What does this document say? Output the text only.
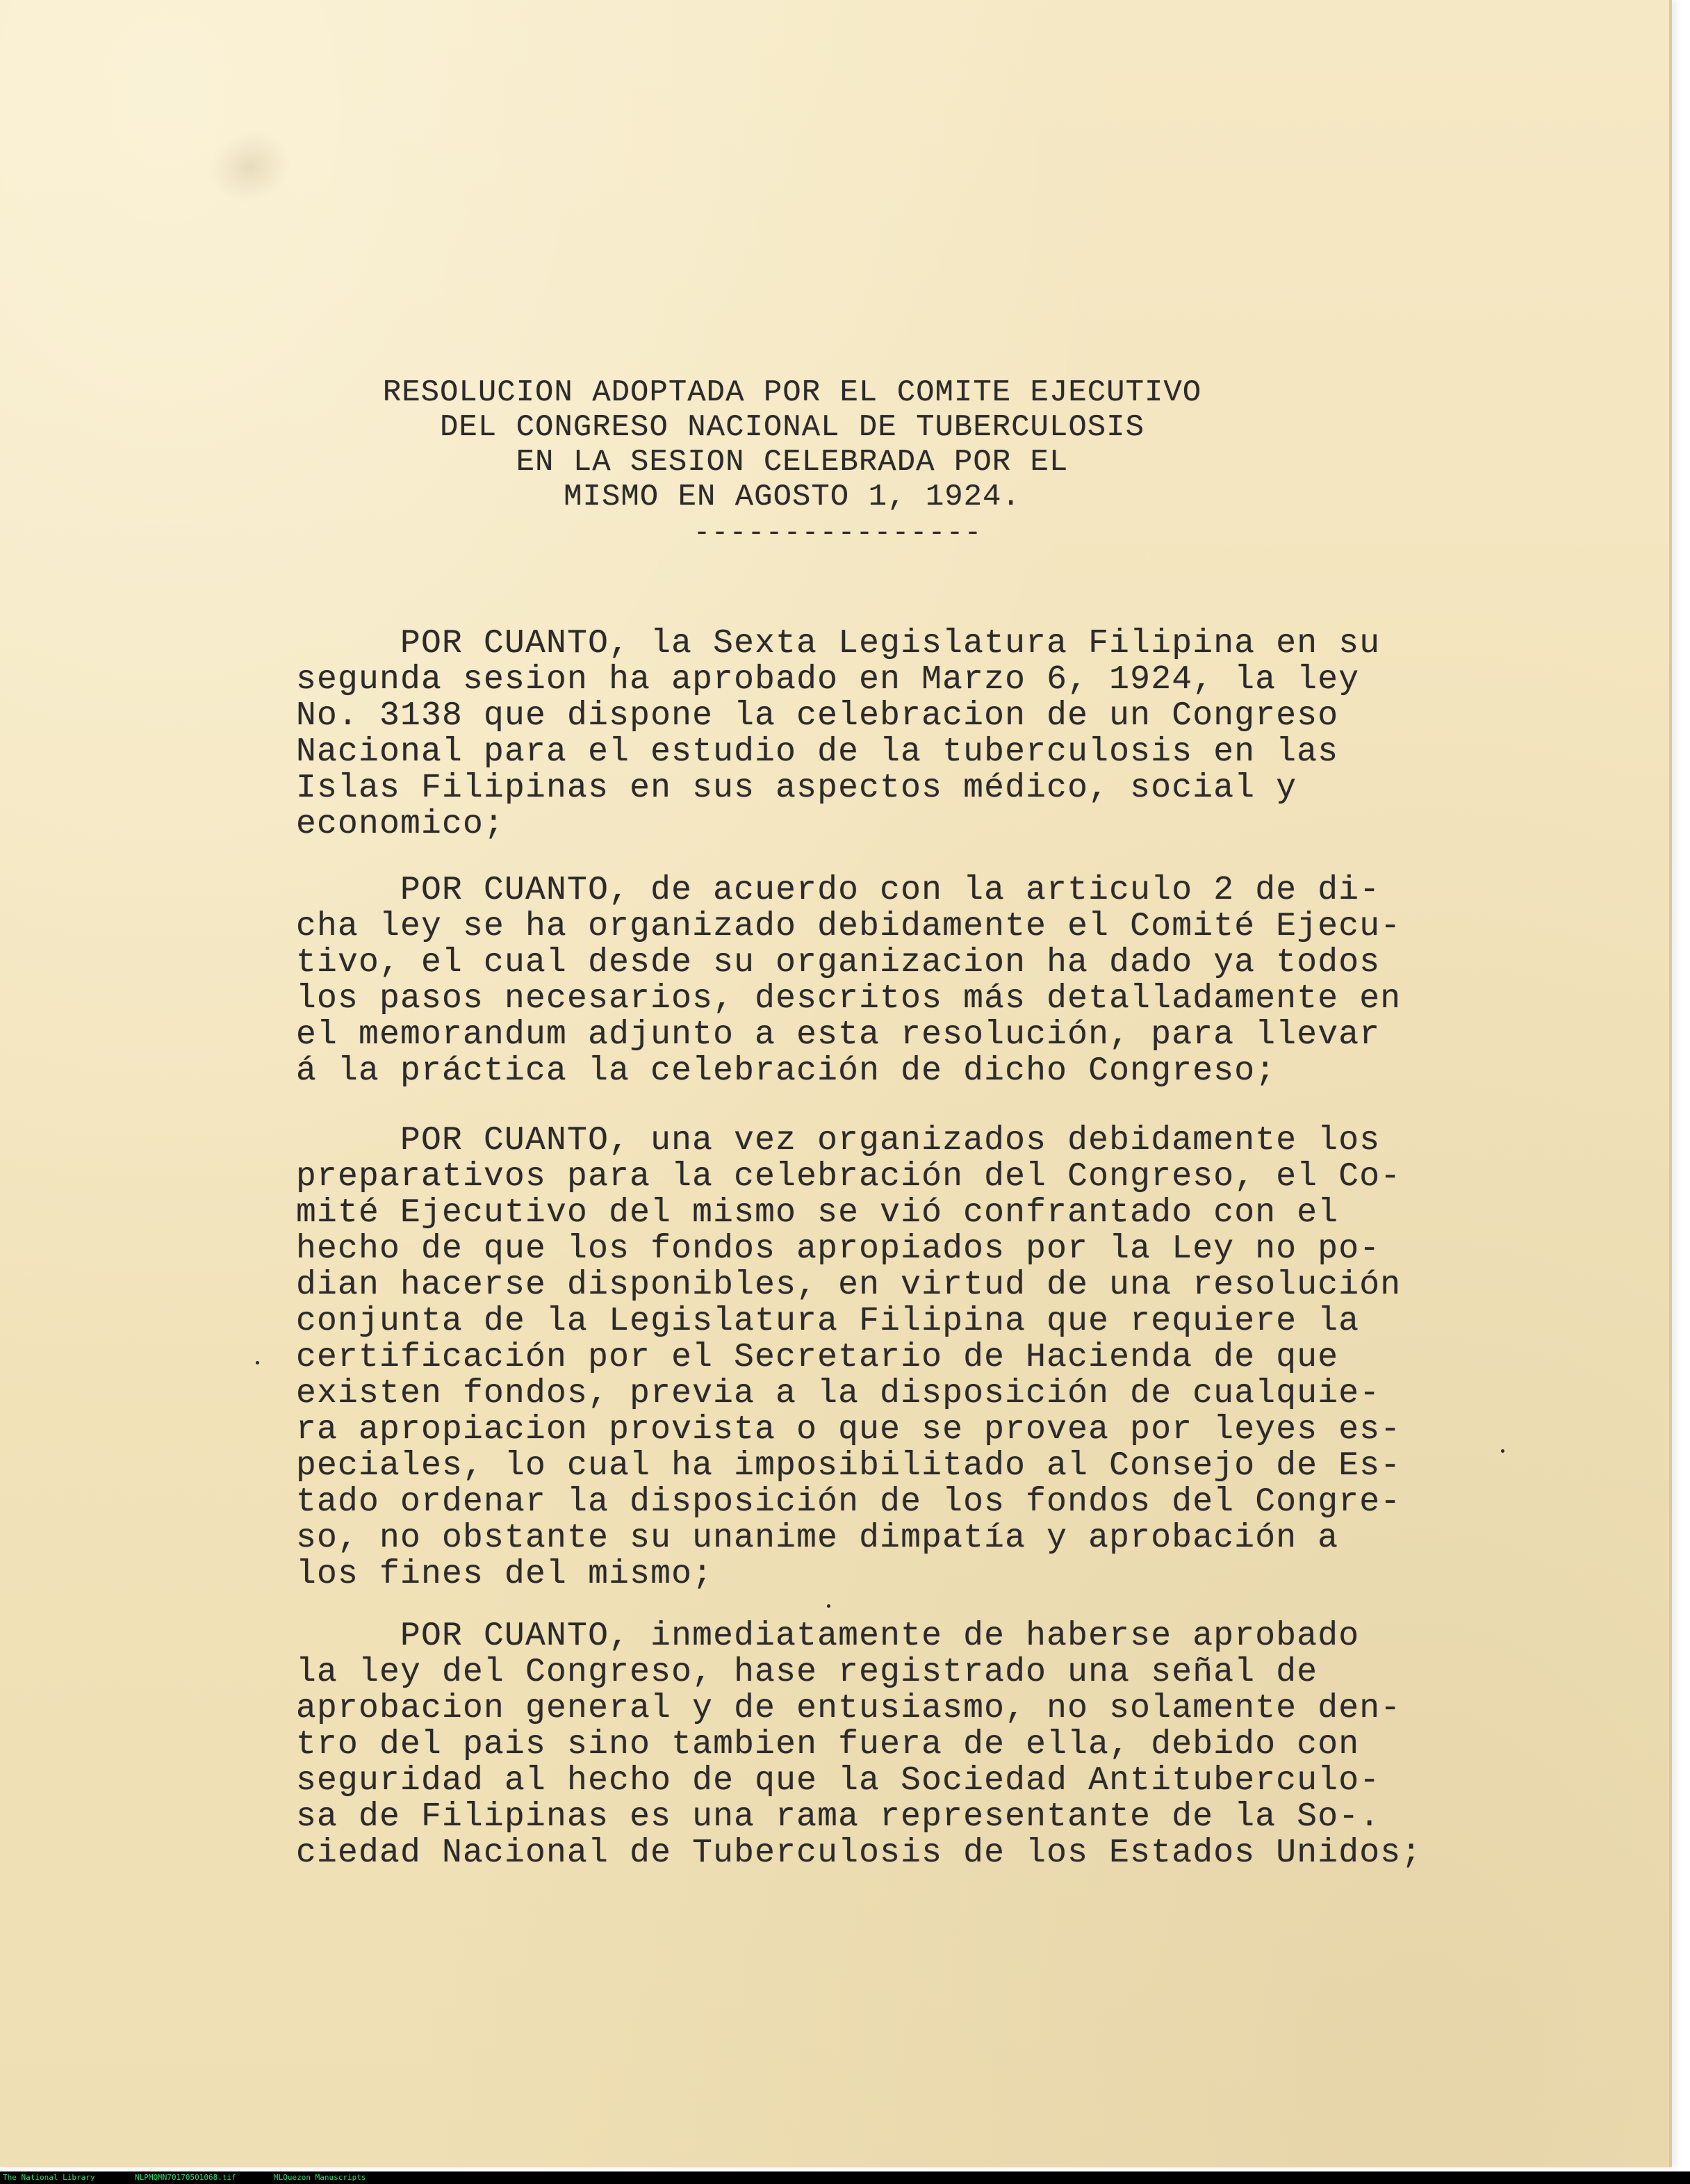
RESOLUCION ADOPTADA POR EL COMITE EJECUTIVO
DEL CONGRESO NACIONAL DE TUBERCULOSIS
EN LA SESION CELEBRADA POR EL
MISMO EN AGOSTO 1, 1924.
----------------
POR CUANTO, la Sexta Legislatura Filipina en su
segunda sesion ha aprobado en Marzo 6, 1924, la ley
No. 3138 que dispone la celebracion de un Congreso
Nacional para el estudio de la tuberculosis en las
Islas Filipinas en sus aspectos médico, social y
economico;
POR CUANTO, de acuerdo con la articulo 2 de di-
cha ley se ha organizado debidamente el Comité Ejecu-
tivo, el cual desde su organizacion ha dado ya todos
los pasos necesarios, descritos más detalladamente en
el memorandum adjunto a esta resolución, para llevar
á la práctica la celebración de dicho Congreso;
POR CUANTO, una vez organizados debidamente los
preparativos para la celebración del Congreso, el Co-
mité Ejecutivo del mismo se vió confrantado con el
hecho de que los fondos apropiados por la Ley no po-
dian hacerse disponibles, en virtud de una resolución
conjunta de la Legislatura Filipina que requiere la
certificación por el Secretario de Hacienda de que
existen fondos, previa a la disposición de cualquie-
ra apropiacion provista o que se provea por leyes es-
peciales, lo cual ha imposibilitado al Consejo de Es-
tado ordenar la disposición de los fondos del Congre-
so, no obstante su unanime dimpatía y aprobación a
los fines del mismo;
POR CUANTO, inmediatamente de haberse aprobado
la ley del Congreso, hase registrado una señal de
aprobacion general y de entusiasmo, no solamente den-
tro del pais sino tambien fuera de ella, debido con
seguridad al hecho de que la Sociedad Antituberculo-
sa de Filipinas es una rama representante de la So-.
ciedad Nacional de Tuberculosis de los Estados Unidos;
The National Library	NLPMQMN70170501068.tif	MLQuezon Manuscripts
